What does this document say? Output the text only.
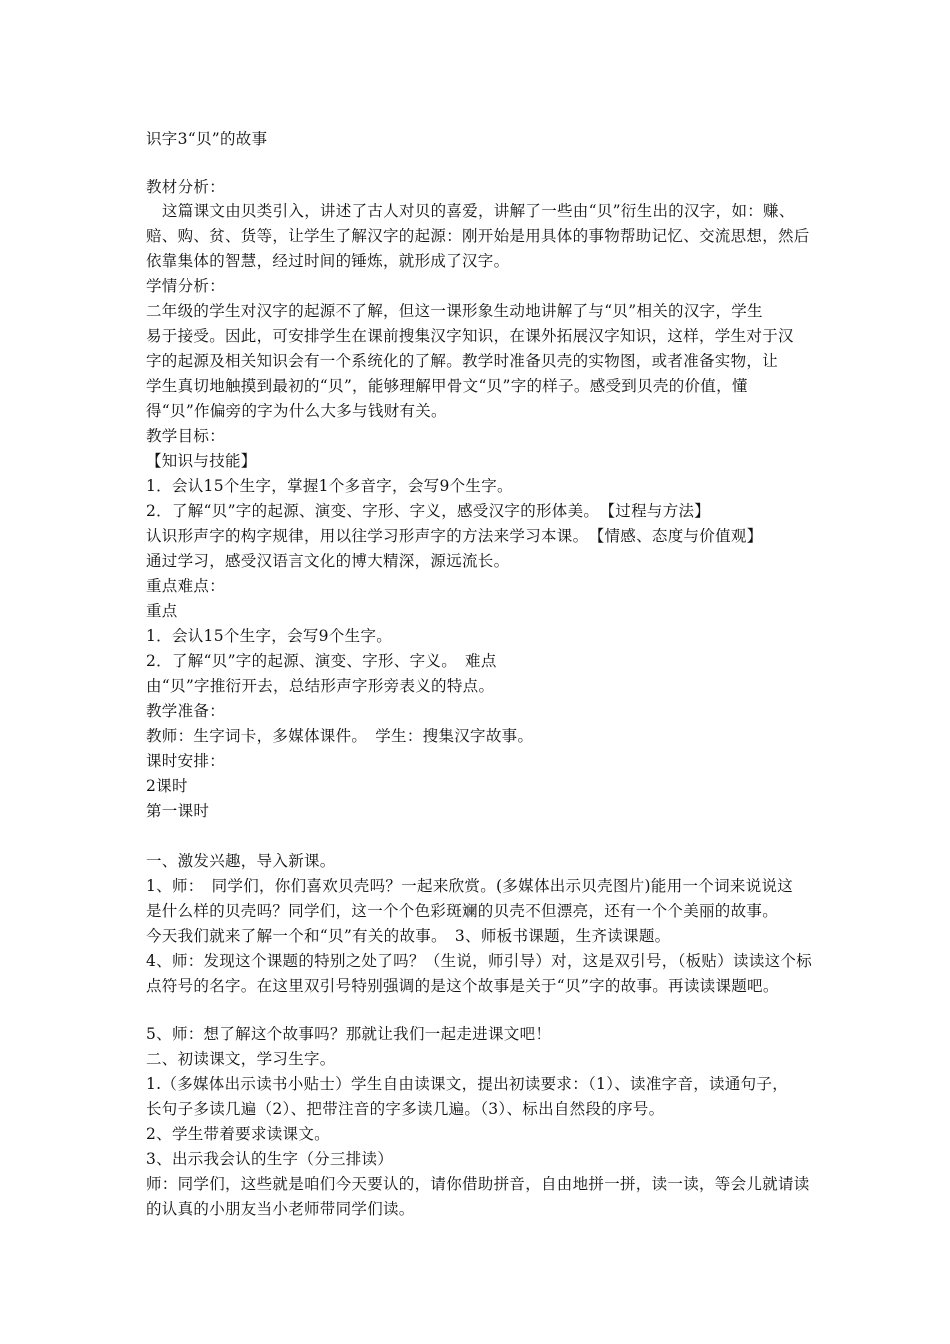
识字3“贝”的故事

教材分析：

这篇课文由贝类引入，讲述了古人对贝的喜爱，讲解了一些由“贝”衍生出的汉字，如：赚、

赔、购、贫、货等，让学生了解汉字的起源：刚开始是用具体的事物帮助记忆、交流思想，然后

依靠集体的智慧，经过时间的锤炼，就形成了汉字。

学情分析：

二年级的学生对汉字的起源不了解，但这一课形象生动地讲解了与“贝”相关的汉字，学生

易于接受。因此，可安排学生在课前搜集汉字知识，在课外拓展汉字知识，这样，学生对于汉

字的起源及相关知识会有一个系统化的了解。教学时准备贝壳的实物图，或者准备实物，让

学生真切地触摸到最初的“贝”，能够理解甲骨文“贝”字的样子。感受到贝壳的价值，懂

得“贝”作偏旁的字为什么大多与钱财有关。

教学目标：

【知识与技能】

1．会认15个生字，掌握1个多音字，会写9个生字。

2．了解“贝”字的起源、演变、字形、字义，感受汉字的形体美。　【过程与方法】

认识形声字的构字规律，用以往学习形声字的方法来学习本课。　【情感、态度与价值观】

通过学习，感受汉语言文化的博大精深，源远流长。

重点难点：

重点

1．会认15个生字，会写9个生字。

2．了解“贝”字的起源、演变、字形、字义。　难点

由“贝”字推衍开去，总结形声字形旁表义的特点。

教学准备：

教师：生字词卡，多媒体课件。　学生：搜集汉字故事。

课时安排：

2课时

第一课时

一、激发兴趣，导入新课。

1、师：　同学们，你们喜欢贝壳吗？一起来欣赏。(多媒体出示贝壳图片)能用一个词来说说这

是什么样的贝壳吗？同学们，这一个个色彩斑斓的贝壳不但漂亮，还有一个个美丽的故事。

今天我们就来了解一个和“贝”有关的故事。　3、师板书课题，生齐读课题。

4、师：发现这个课题的特别之处了吗？（生说，师引导）对，这是双引号，（板贴）读读这个标

点符号的名字。在这里双引号特别强调的是这个故事是关于“贝”字的故事。再读读课题吧。

5、师：想了解这个故事吗？那就让我们一起走进课文吧！

二、初读课文，学习生字。

1.（多媒体出示读书小贴士）学生自由读课文，提出初读要求：（1）、读准字音，读通句子，

长句子多读几遍（2）、把带注音的字多读几遍。（3）、标出自然段的序号。

2、学生带着要求读课文。

3、出示我会认的生字（分三排读）

师：同学们，这些就是咱们今天要认的，请你借助拼音，自由地拼一拼，读一读，等会儿就请读

的认真的小朋友当小老师带同学们读。
